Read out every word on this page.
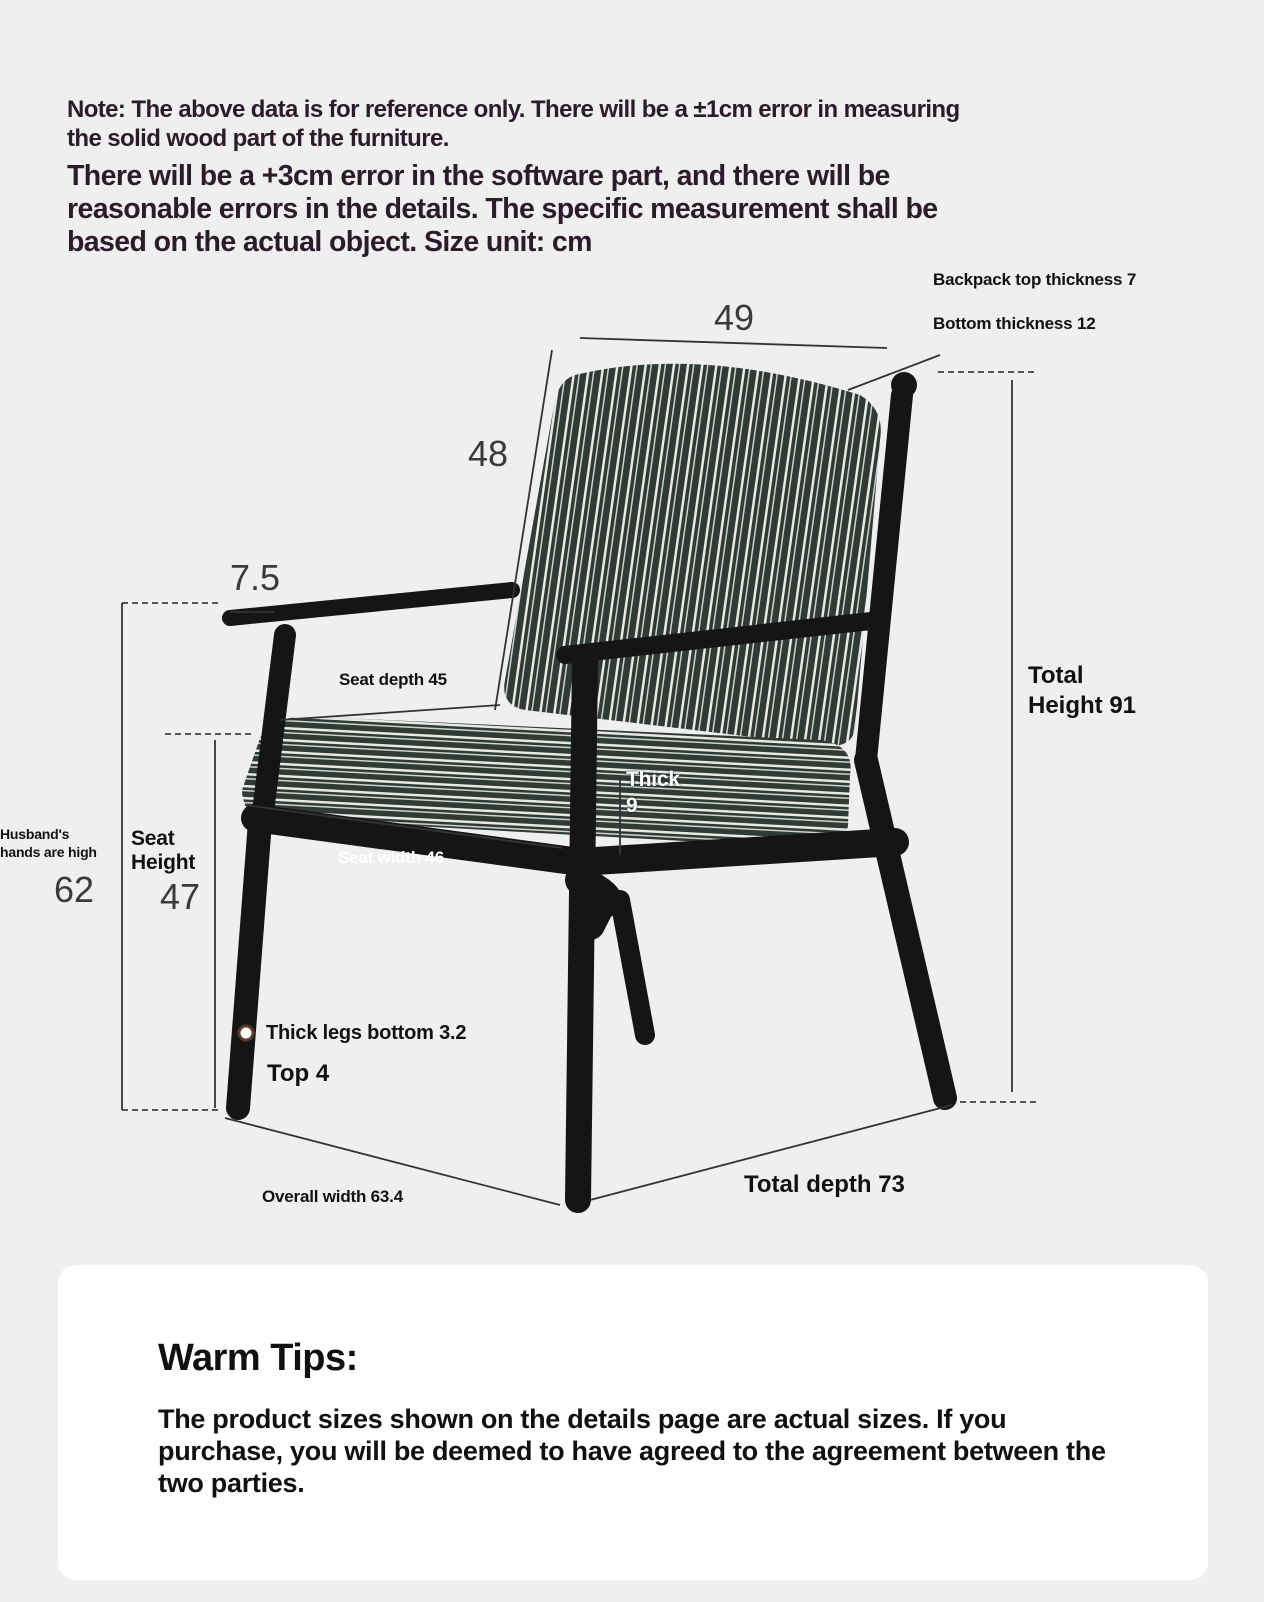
Note: The above data is for reference only. There will be a ±1cm error in measuring
the solid wood part of the furniture.
There will be a +3cm error in the software part, and there will be
reasonable errors in the details. The specific measurement shall be
based on the actual object. Size unit: cm
Backpack top thickness 7
Bottom thickness 12
49
48
7.5
Seat depth 45	Total
Height 91
Thick
9
Husband's
hands are high
62
Seat
Height
47
Seat width 46
Thick legs bottom 3.2
Top 4
Overall width 63.4	Total depth 73
Warm Tips:
The product sizes shown on the details page are actual sizes. If you purchase, you will be deemed to have agreed to the agreement between the two parties.
